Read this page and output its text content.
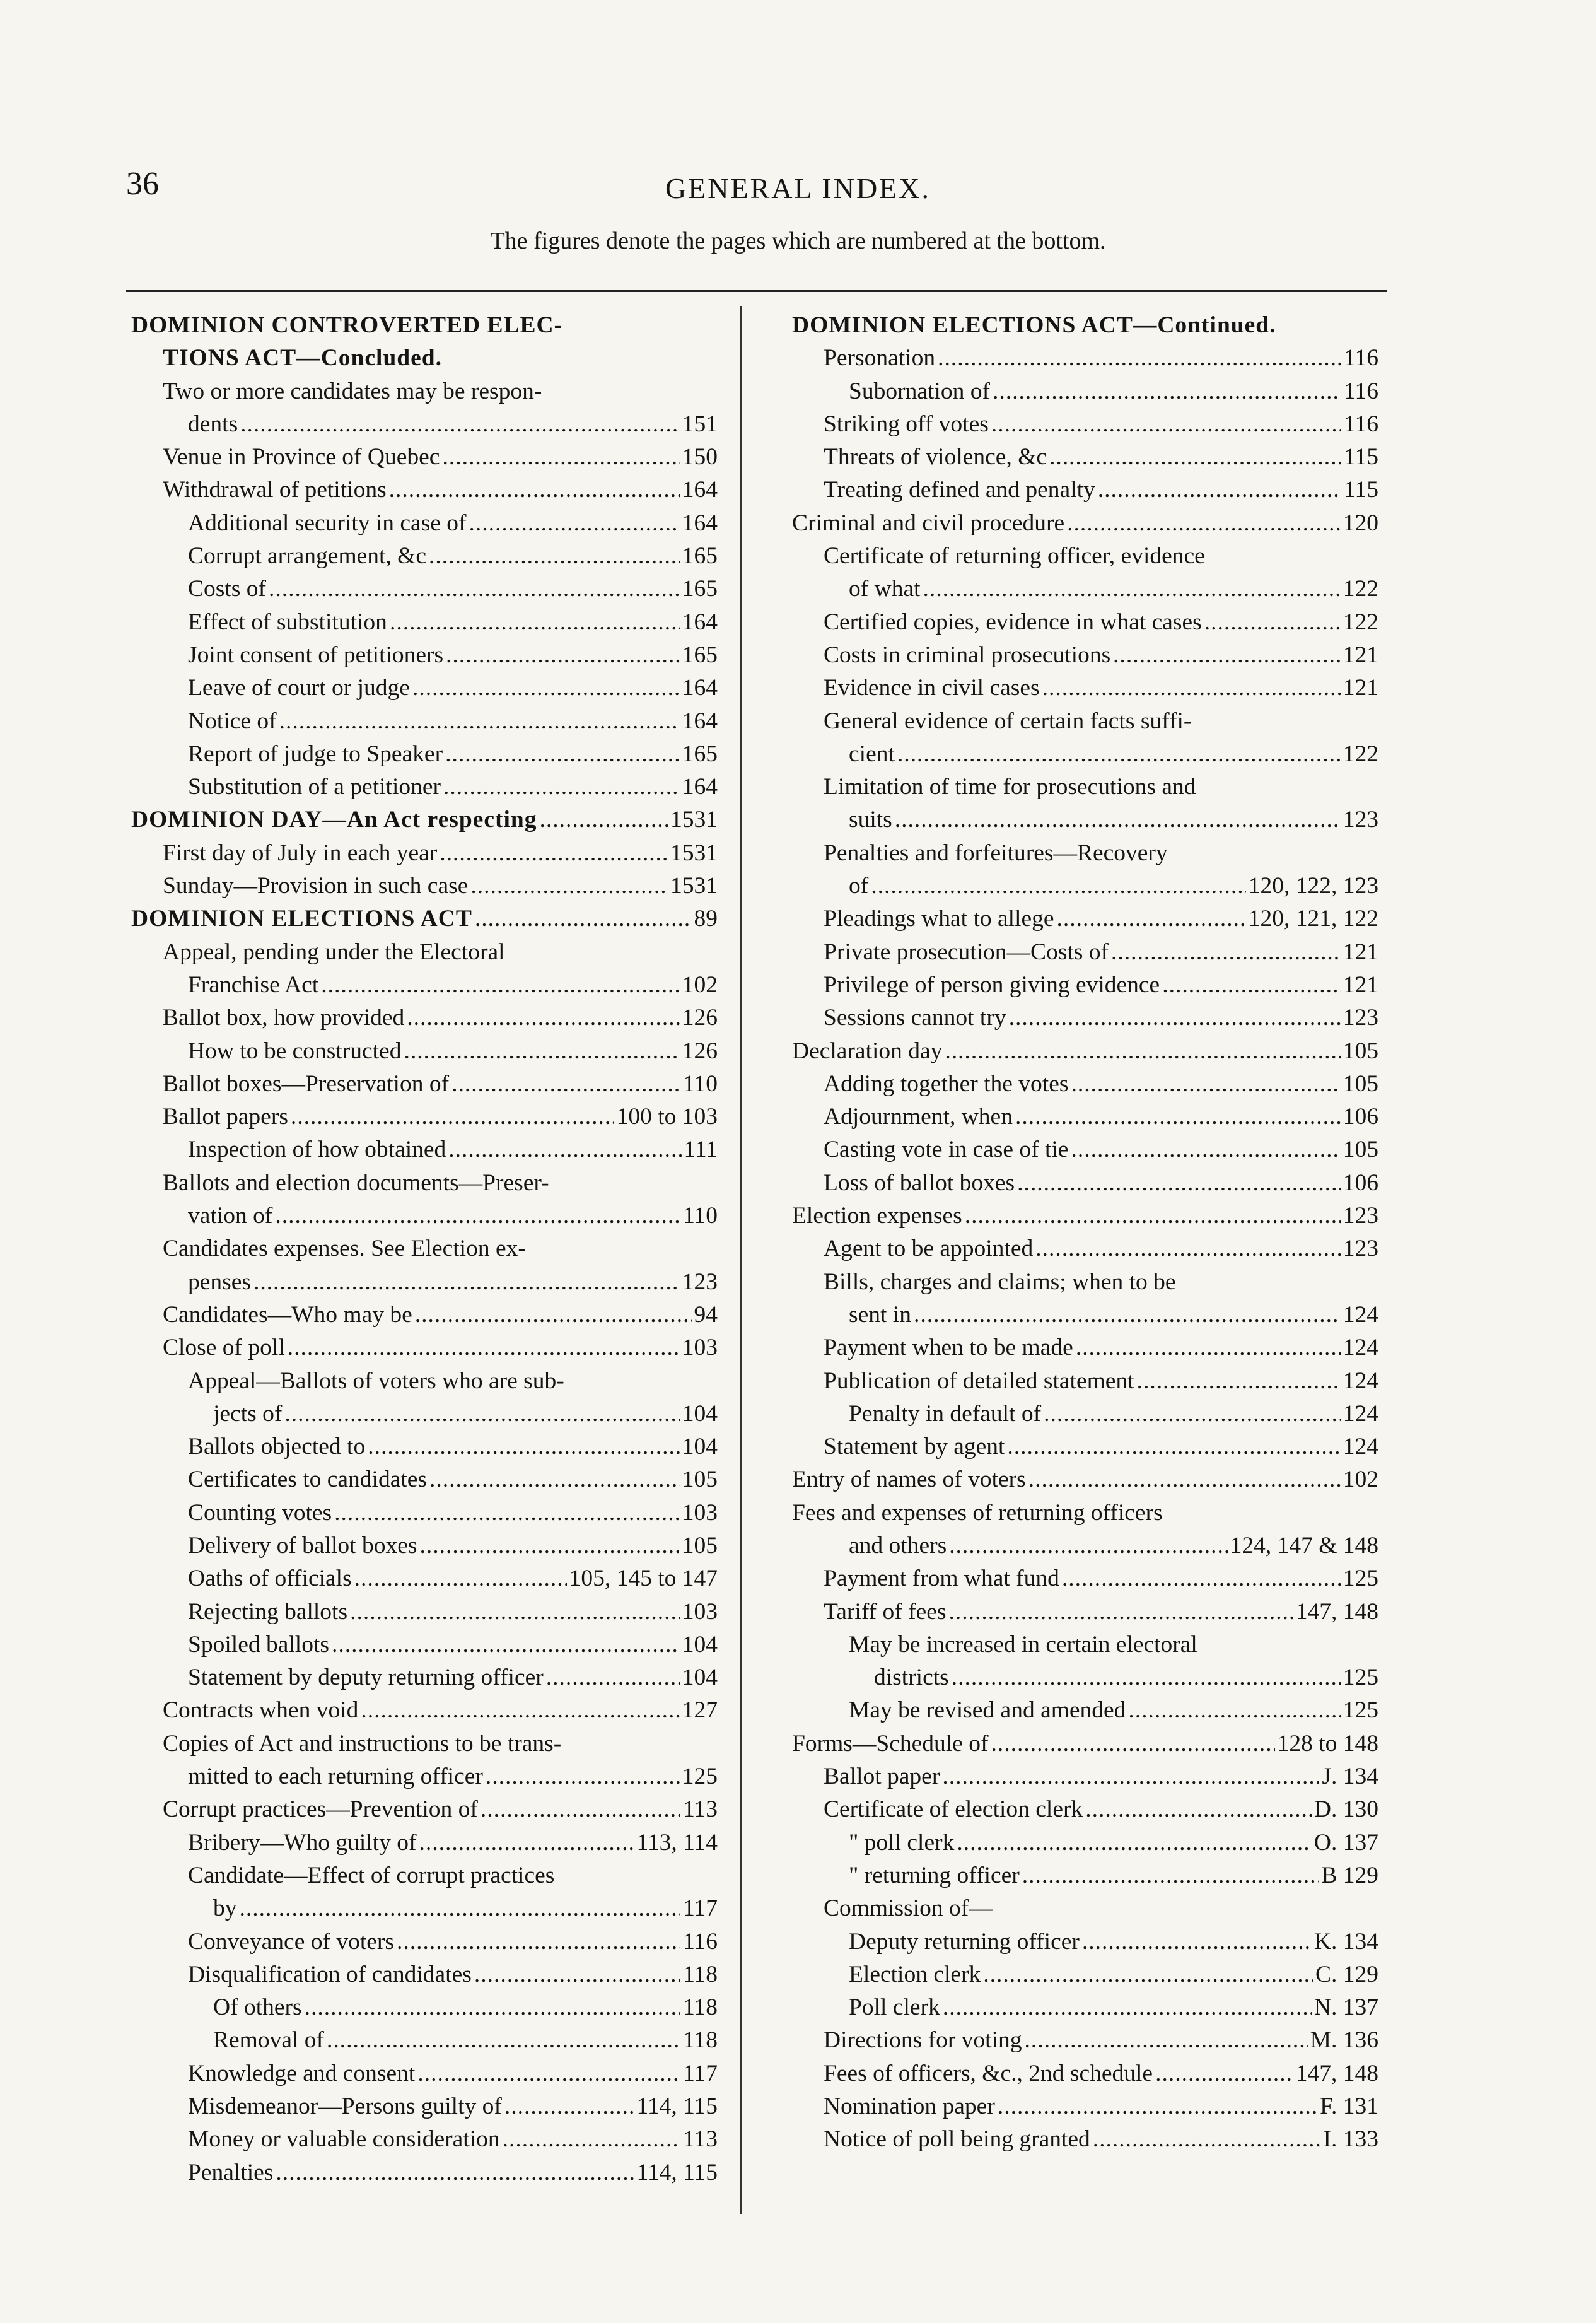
36	GENERAL INDEX.
The figures denote the pages which are numbered at the bottom.
DOMINION CONTROVERTED ELEC-
TIONS ACT—Concluded.
Two or more candidates may be respon-
dents .....	151
Venue in Province of Quebec .....	150
Withdrawal of petitions .....	164
Additional security in case of .....	164
Corrupt arrangement, &c .....	165
Costs of .....	165
Effect of substitution .....	164
Joint consent of petitioners .....	165
Leave of court or judge .....	164
Notice of .....	164
Report of judge to Speaker .....	165
Substitution of a petitioner .....	164
DOMINION DAY—An Act respecting .....	1531
First day of July in each year .....	1531
Sunday—Provision in such case .....	1531
DOMINION ELECTIONS ACT .....	89
Appeal, pending under the Electoral
Franchise Act .....	102
Ballot box, how provided .....	126
How to be constructed .....	126
Ballot boxes—Preservation of .....	110
Ballot papers .....	100 to 103
Inspection of how obtained .....	111
Ballots and election documents—Preser-
vation of .....	110
Candidates expenses. See Election ex-
penses .....	123
Candidates—Who may be .....	94
Close of poll .....	103
Appeal—Ballots of voters who are sub-
jects of .....	104
Ballots objected to .....	104
Certificates to candidates .....	105
Counting votes .....	103
Delivery of ballot boxes .....	105
Oaths of officials .....	105, 145 to 147
Rejecting ballots .....	103
Spoiled ballots .....	104
Statement by deputy returning officer .....	104
Contracts when void .....	127
Copies of Act and instructions to be trans-
mitted to each returning officer .....	125
Corrupt practices—Prevention of .....	113
Bribery—Who guilty of .....	113, 114
Candidate—Effect of corrupt practices
by .....	117
Conveyance of voters .....	116
Disqualification of candidates .....	118
Of others .....	118
Removal of .....	118
Knowledge and consent .....	117
Misdemeanor—Persons guilty of .....	114, 115
Money or valuable consideration .....	113
Penalties .....	114, 115
DOMINION ELECTIONS ACT—Continued.
Personation .....	116
Subornation of .....	116
Striking off votes .....	116
Threats of violence, &c .....	115
Treating defined and penalty .....	115
Criminal and civil procedure .....	120
Certificate of returning officer, evidence
of what .....	122
Certified copies, evidence in what cases .....	122
Costs in criminal prosecutions .....	121
Evidence in civil cases .....	121
General evidence of certain facts suffi-
cient .....	122
Limitation of time for prosecutions and
suits .....	123
Penalties and forfeitures—Recovery
of .....	120, 122, 123
Pleadings what to allege .....	120, 121, 122
Private prosecution—Costs of .....	121
Privilege of person giving evidence .....	121
Sessions cannot try .....	123
Declaration day .....	105
Adding together the votes .....	105
Adjournment, when .....	106
Casting vote in case of tie .....	105
Loss of ballot boxes .....	106
Election expenses .....	123
Agent to be appointed .....	123
Bills, charges and claims; when to be
sent in .....	124
Payment when to be made .....	124
Publication of detailed statement .....	124
Penalty in default of .....	124
Statement by agent .....	124
Entry of names of voters .....	102
Fees and expenses of returning officers
and others .....	124, 147 & 148
Payment from what fund .....	125
Tariff of fees .....	147, 148
May be increased in certain electoral
districts .....	125
May be revised and amended .....	125
Forms—Schedule of .....	128 to 148
Ballot paper .....	J. 134
Certificate of election clerk .....	D. 130
" poll clerk .....	O. 137
" returning officer .....	B 129
Commission of—
Deputy returning officer .....	K. 134
Election clerk .....	C. 129
Poll clerk .....	N. 137
Directions for voting .....	M. 136
Fees of officers, &c., 2nd schedule .....	147, 148
Nomination paper .....	F. 131
Notice of poll being granted .....	I. 133
